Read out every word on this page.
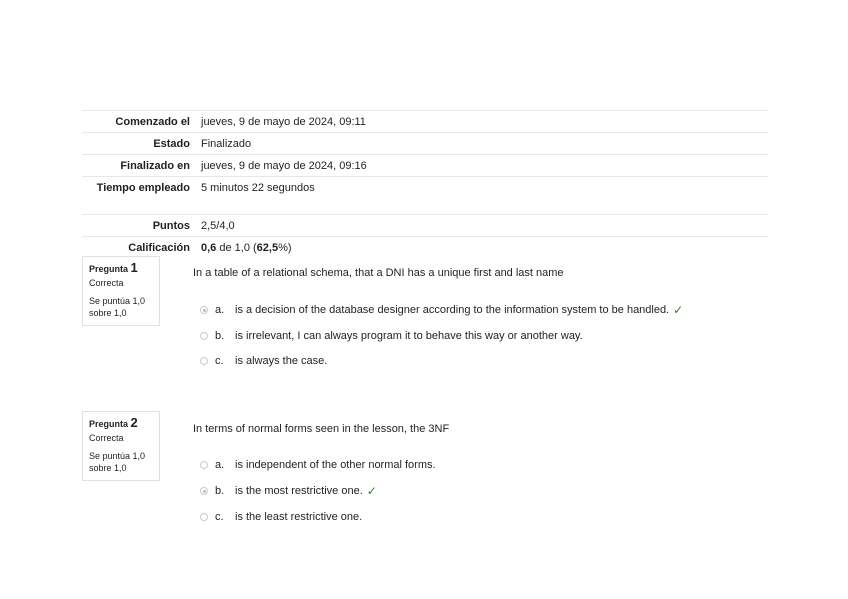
Comenzado el	jueves, 9 de mayo de 2024, 09:11
Estado	Finalizado
Finalizado en	jueves, 9 de mayo de 2024, 09:16
Tiempo empleado	5 minutos 22 segundos
Puntos	2,5/4,0
Calificación	0,6 de 1,0 (62,5%)
Pregunta 1
Correcta
Se puntúa 1,0 sobre 1,0
In a table of a relational schema, that a DNI has a unique first and last name
a. is a decision of the database designer according to the information system to be handled. ✓
b. is irrelevant, I can always program it to behave this way or another way.
c.	is always the case.
Pregunta 2
Correcta
Se puntúa 1,0 sobre 1,0
In terms of normal forms seen in the lesson, the 3NF
a. is independent of the other normal forms.
b. is the most restrictive one. ✓
c.	is the least restrictive one.
